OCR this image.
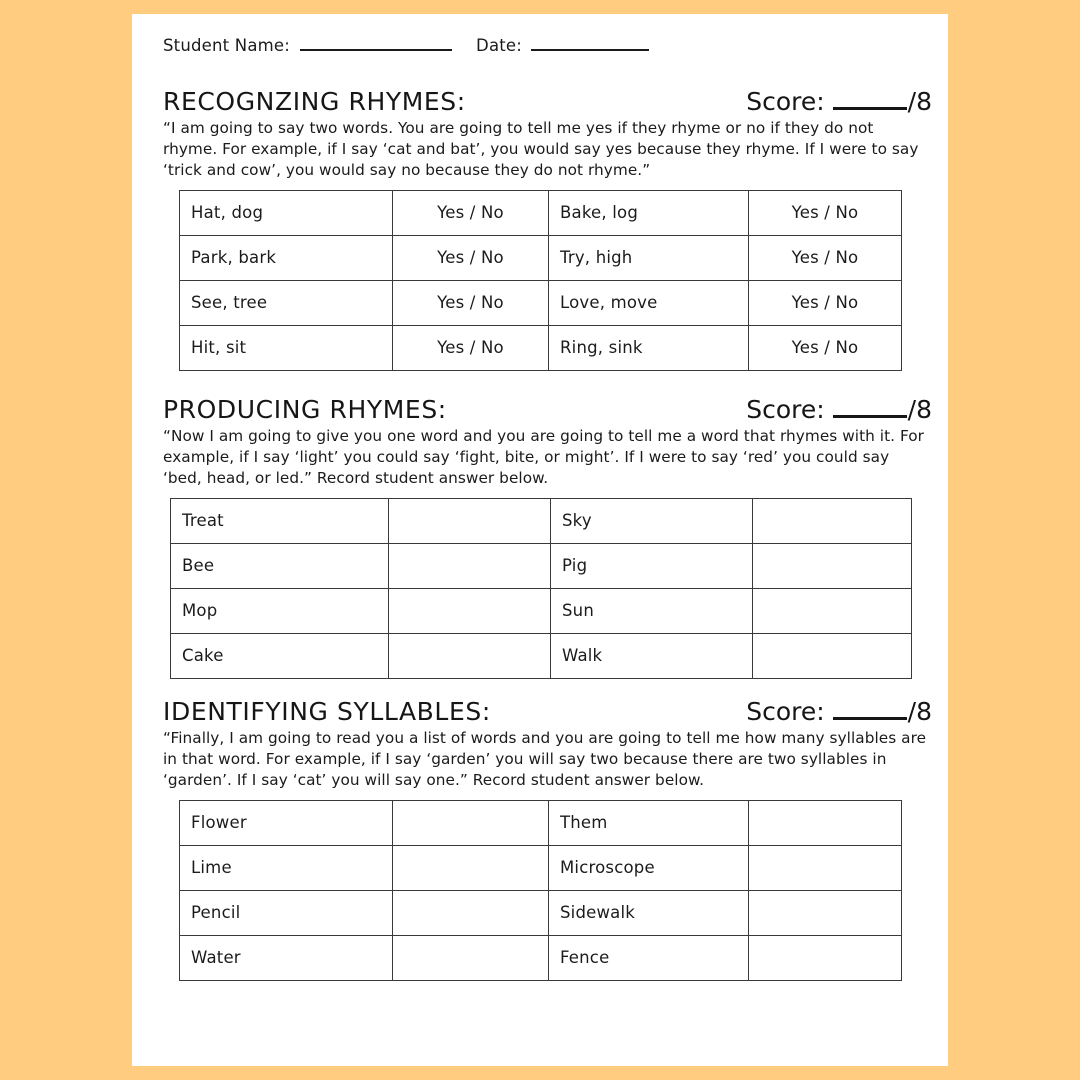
Student Name:	Date:
RECOGNZING RHYMES:	Score:	/8
“I am going to say two words. You are going to tell me yes if they rhyme or no if they do not rhyme. For example, if I say ‘cat and bat’, you would say yes because they rhyme. If I were to say ‘trick and cow’, you would say no because they do not rhyme.”
Hat, dog	Yes / No	Bake, log	Yes / No
Park, bark	Yes / No	Try, high	Yes / No
See, tree	Yes / No	Love, move	Yes / No
Hit, sit	Yes / No	Ring, sink	Yes / No
PRODUCING RHYMES:	Score:	/8
“Now I am going to give you one word and you are going to tell me a word that rhymes with it. For example, if I say ‘light’ you could say ‘fight, bite, or might’. If I were to say ‘red’ you could say ‘bed, head, or led.” Record student answer below.
Treat		Sky	
Bee		Pig	
Mop		Sun	
Cake		Walk	
IDENTIFYING SYLLABLES:	Score:	/8
“Finally, I am going to read you a list of words and you are going to tell me how many syllables are in that word. For example, if I say ‘garden’ you will say two because there are two syllables in ‘garden’. If I say ‘cat’ you will say one.” Record student answer below.
Flower		Them	
Lime		Microscope	
Pencil		Sidewalk	
Water		Fence	
